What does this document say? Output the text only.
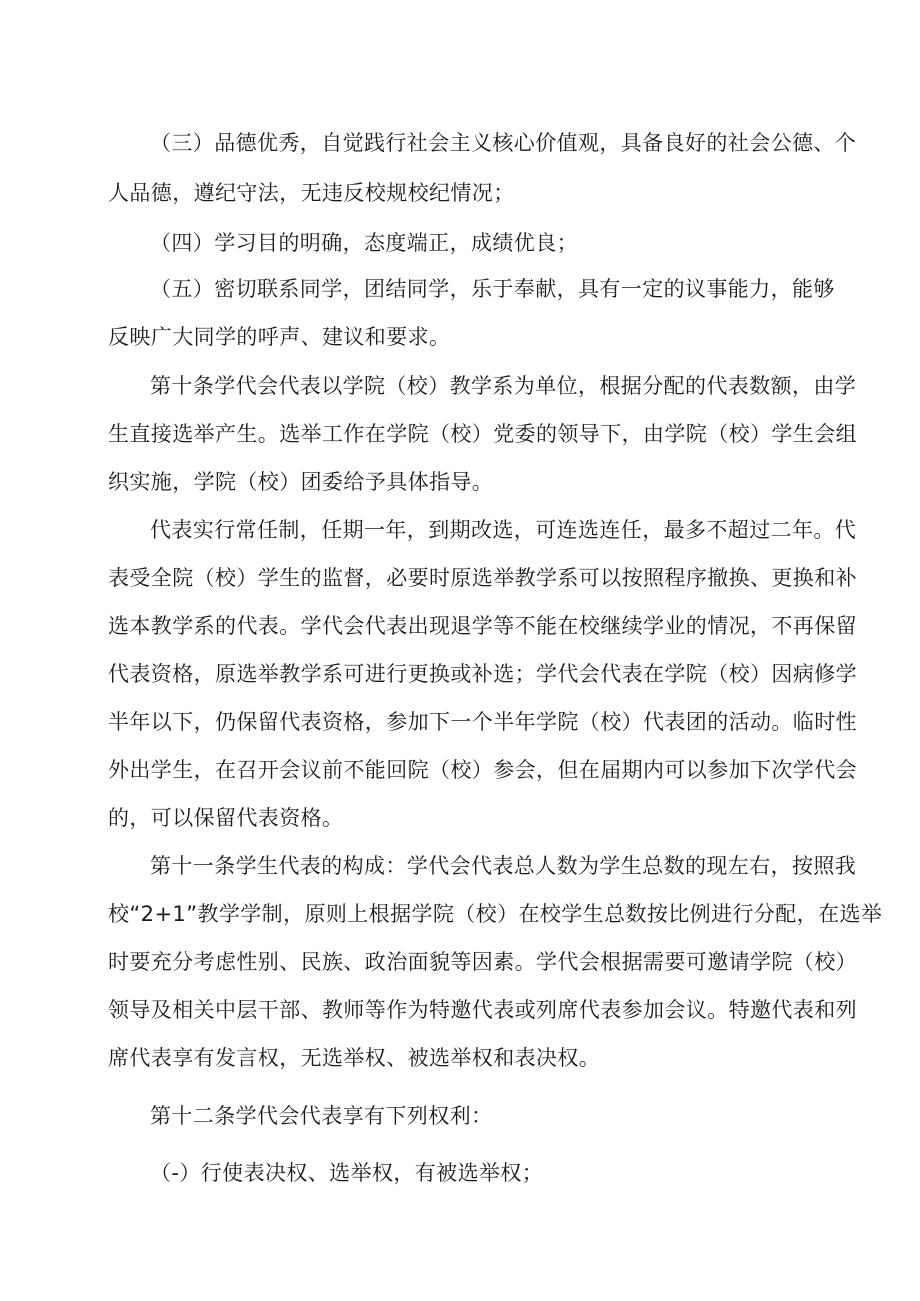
（三）品德优秀，自觉践行社会主义核心价值观，具备良好的社会公德、个
人品德，遵纪守法，无违反校规校纪情况；
（四）学习目的明确，态度端正，成绩优良；
（五）密切联系同学，团结同学，乐于奉献，具有一定的议事能力，能够
反映广大同学的呼声、建议和要求。
第十条学代会代表以学院（校）教学系为单位，根据分配的代表数额，由学
生直接选举产生。选举工作在学院（校）党委的领导下，由学院（校）学生会组
织实施，学院（校）团委给予具体指导。
代表实行常任制，任期一年，到期改选，可连选连任，最多不超过二年。代
表受全院（校）学生的监督，必要时原选举教学系可以按照程序撤换、更换和补
选本教学系的代表。学代会代表出现退学等不能在校继续学业的情况，不再保留
代表资格，原选举教学系可进行更换或补选；学代会代表在学院（校）因病修学
半年以下，仍保留代表资格，参加下一个半年学院（校）代表团的活动。临时性
外出学生，在召开会议前不能回院（校）参会，但在届期内可以参加下次学代会
的，可以保留代表资格。
第十一条学生代表的构成：学代会代表总人数为学生总数的现左右，按照我
校“2+1”教学学制，原则上根据学院（校）在校学生总数按比例进行分配，在选举
时要充分考虑性别、民族、政治面貌等因素。学代会根据需要可邀请学院（校）
领导及相关中层干部、教师等作为特邀代表或列席代表参加会议。特邀代表和列
席代表享有发言权，无选举权、被选举权和表决权。
第十二条学代会代表享有下列权利：
（-）行使表决权、选举权，有被选举权；
